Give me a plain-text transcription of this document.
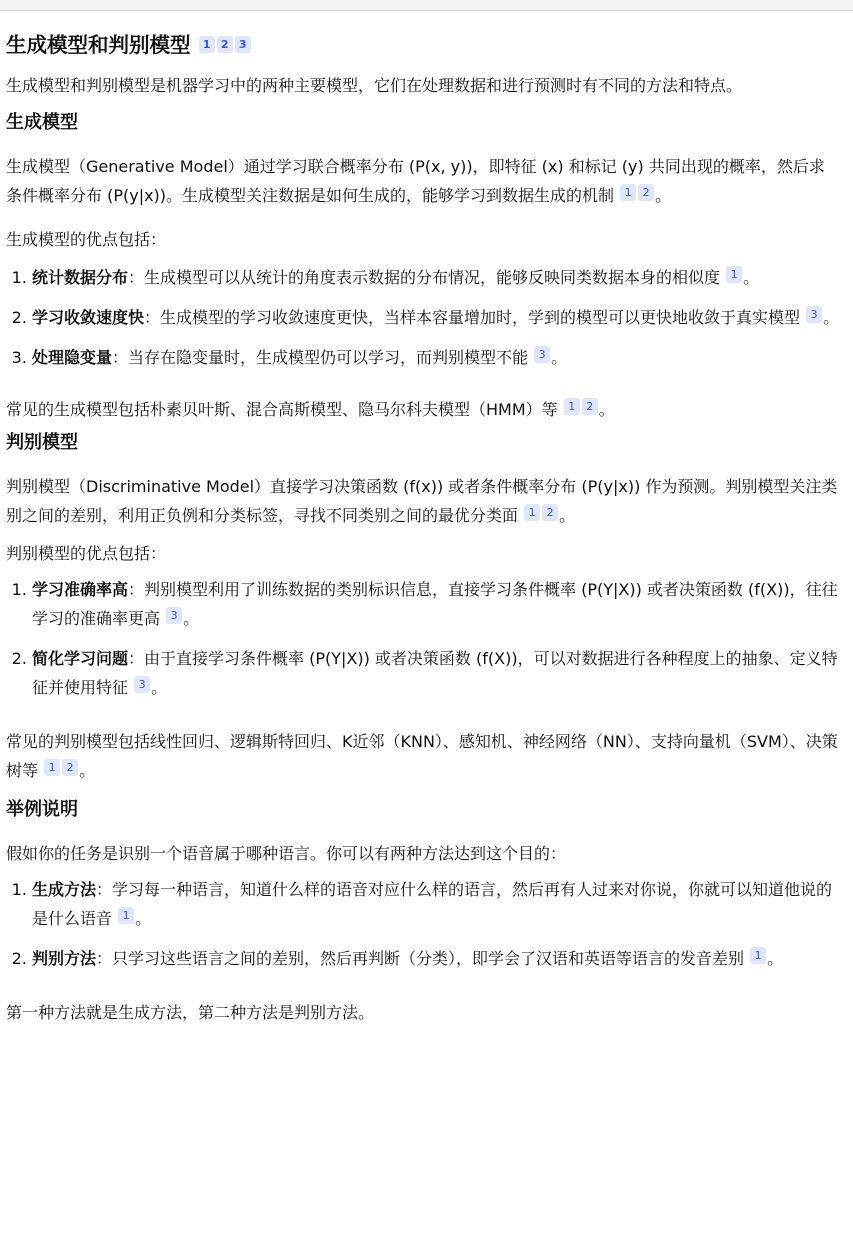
生成模型和判别模型 1 2 3

生成模型和判别模型是机器学习中的两种主要模型，它们在处理数据和进行预测时有不同的方法和特点。

生成模型

生成模型（Generative Model）通过学习联合概率分布 (P(x, y))，即特征 (x) 和标记 (y) 共同出现的概率，然后求条件概率分布 (P(y|x))。生成模型关注数据是如何生成的，能够学习到数据生成的机制 1 2 。

生成模型的优点包括：

1. 统计数据分布：生成模型可以从统计的角度表示数据的分布情况，能够反映同类数据本身的相似度 1 。
2. 学习收敛速度快：生成模型的学习收敛速度更快，当样本容量增加时，学到的模型可以更快地收敛于真实模型 3 。
3. 处理隐变量：当存在隐变量时，生成模型仍可以学习，而判别模型不能 3 。

常见的生成模型包括朴素贝叶斯、混合高斯模型、隐马尔科夫模型（HMM）等 1 2 。

判别模型

判别模型（Discriminative Model）直接学习决策函数 (f(x)) 或者条件概率分布 (P(y|x)) 作为预测。判别模型关注类别之间的差别，利用正负例和分类标签，寻找不同类别之间的最优分类面 1 2 。

判别模型的优点包括：

1. 学习准确率高：判别模型利用了训练数据的类别标识信息，直接学习条件概率 (P(Y|X)) 或者决策函数 (f(X))，往往学习的准确率更高 3 。
2. 简化学习问题：由于直接学习条件概率 (P(Y|X)) 或者决策函数 (f(X))，可以对数据进行各种程度上的抽象、定义特征并使用特征 3 。

常见的判别模型包括线性回归、逻辑斯特回归、K近邻（KNN）、感知机、神经网络（NN）、支持向量机（SVM）、决策树等 1 2 。

举例说明

假如你的任务是识别一个语音属于哪种语言。你可以有两种方法达到这个目的：

1. 生成方法：学习每一种语言，知道什么样的语音对应什么样的语言，然后再有人过来对你说，你就可以知道他说的是什么语音 1 。
2. 判别方法：只学习这些语言之间的差别，然后再判断（分类），即学会了汉语和英语等语言的发音差别 1 。

第一种方法就是生成方法，第二种方法是判别方法。
